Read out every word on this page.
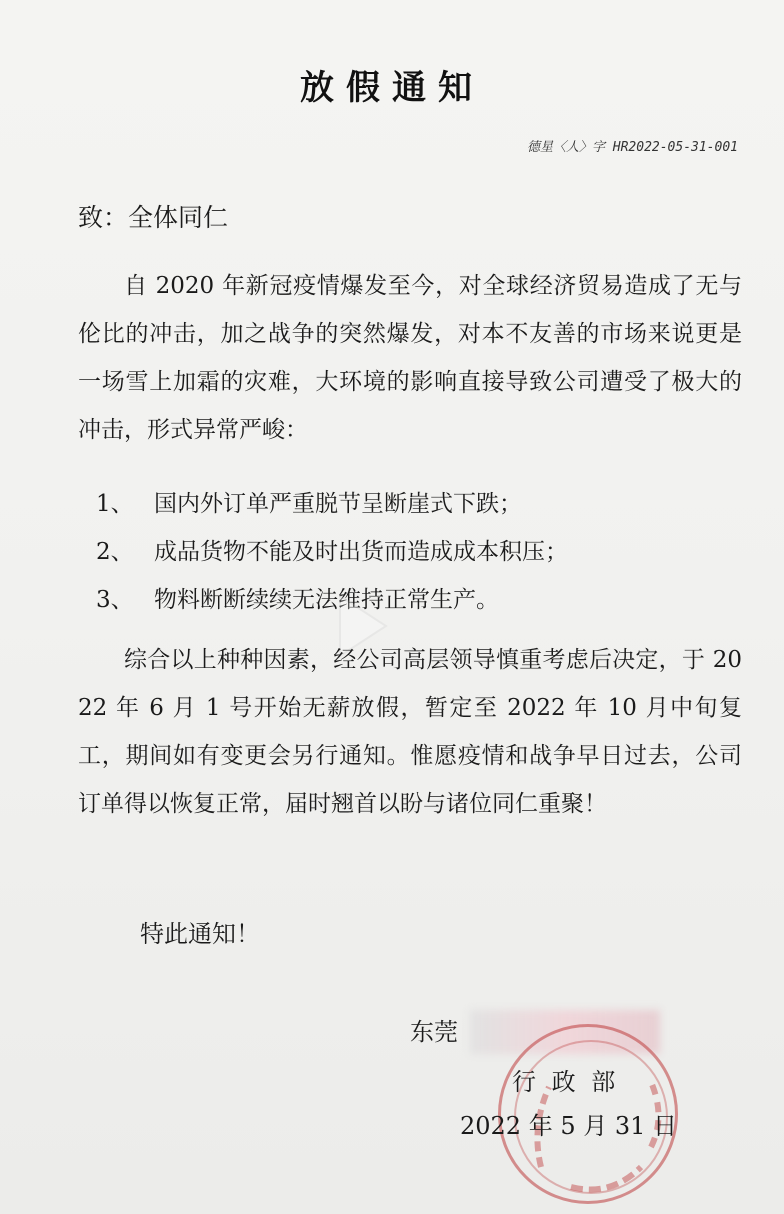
放假通知
德星〈人〉字 HR2022-05-31-001
致：全体同仁
自 2020 年新冠疫情爆发至今，对全球经济贸易造成了无与伦比的冲击，加之战争的突然爆发，对本不友善的市场来说更是一场雪上加霜的灾难，大环境的影响直接导致公司遭受了极大的冲击，形式异常严峻：
1、 国内外订单严重脱节呈断崖式下跌；
2、 成品货物不能及时出货而造成成本积压；
3、 物料断断续续无法维持正常生产。
综合以上种种因素，经公司高层领导慎重考虑后决定，于 2022 年 6 月 1 号开始无薪放假，暂定至 2022 年 10 月中旬复工，期间如有变更会另行通知。惟愿疫情和战争早日过去，公司订单得以恢复正常，届时翘首以盼与诸位同仁重聚！
特此通知！
东莞
行 政 部
2022 年 5 月 31 日
